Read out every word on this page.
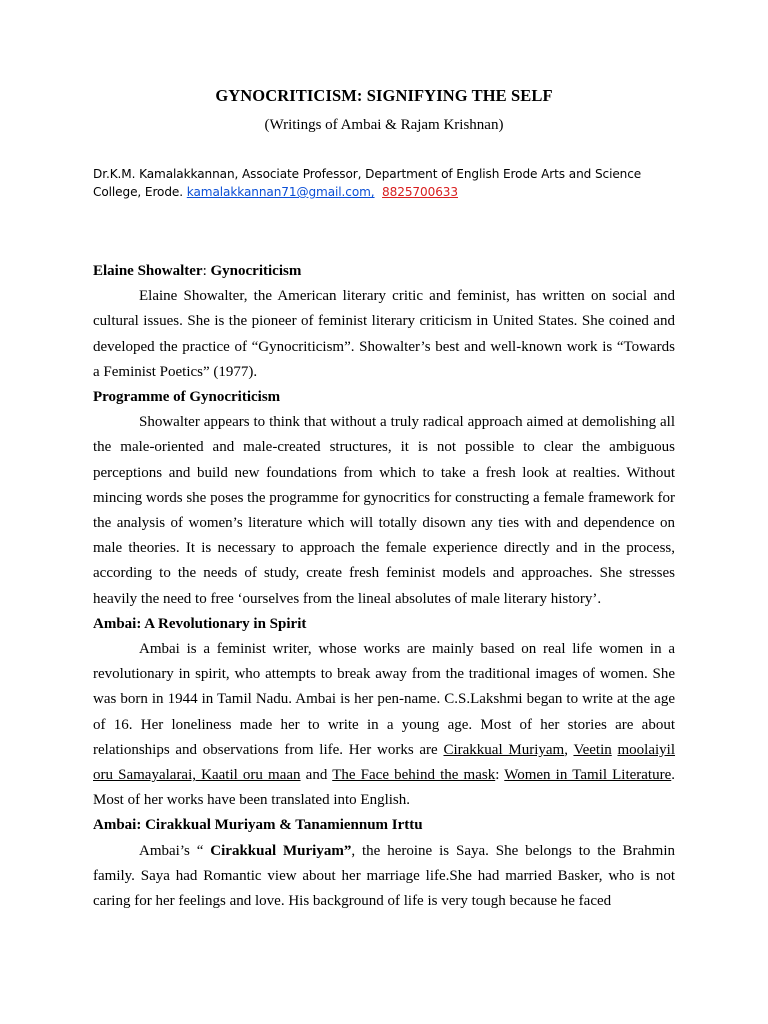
GYNOCRITICISM: SIGNIFYING THE SELF
(Writings of Ambai & Rajam Krishnan)
Dr.K.M. Kamalakkannan, Associate Professor, Department of English Erode Arts and Science College, Erode. kamalakkannan71@gmail.com, 8825700633

Elaine Showalter: Gynocriticism

Elaine Showalter, the American literary critic and feminist, has written on social and cultural issues. She is the pioneer of feminist literary criticism in United States. She coined and developed the practice of “Gynocriticism”. Showalter’s best and well-known work is “Towards a Feminist Poetics” (1977).

Programme of Gynocriticism

Showalter appears to think that without a truly radical approach aimed at demolishing all the male-oriented and male-created structures, it is not possible to clear the ambiguous perceptions and build new foundations from which to take a fresh look at realties. Without mincing words she poses the programme for gynocritics for constructing a female framework for the analysis of women’s literature which will totally disown any ties with and dependence on male theories. It is necessary to approach the female experience directly and in the process, according to the needs of study, create fresh feminist models and approaches. She stresses heavily the need to free ‘ourselves from the lineal absolutes of male literary history’.

Ambai: A Revolutionary in Spirit

Ambai is a feminist writer, whose works are mainly based on real life women in a revolutionary in spirit, who attempts to break away from the traditional images of women. She was born in 1944 in Tamil Nadu. Ambai is her pen-name. C.S.Lakshmi began to write at the age of 16. Her loneliness made her to write in a young age. Most of her stories are about relationships and observations from life. Her works are Cirakkual Muriyam, Veetin moolaiyil oru Samayalarai, Kaatil oru maan and The Face behind the mask: Women in Tamil Literature. Most of her works have been translated into English.

Ambai: Cirakkual Muriyam & Tanamiennum Irttu

Ambai’s “ Cirakkual Muriyam”, the heroine is Saya. She belongs to the Brahmin family. Saya had Romantic view about her marriage life.She had married Basker, who is not caring for her feelings and love. His background of life is very tough because he faced
